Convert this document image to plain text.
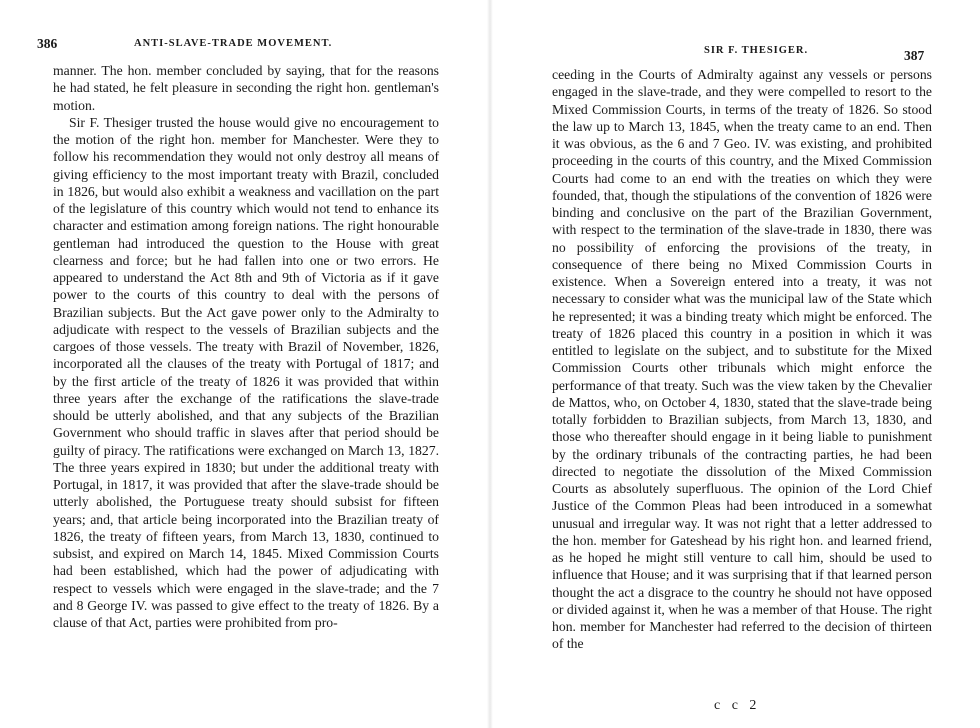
386	ANTI-SLAVE-TRADE MOVEMENT.

manner. The hon. member concluded by saying, that for the reasons he had stated, he felt pleasure in seconding the right hon. gentleman's motion.

Sir F. Thesiger trusted the house would give no encouragement to the motion of the right hon. member for Manchester. Were they to follow his recommendation they would not only destroy all means of giving efficiency to the most important treaty with Brazil, concluded in 1826, but would also exhibit a weakness and vacillation on the part of the legislature of this country which would not tend to enhance its character and estimation among foreign nations. The right honourable gentleman had introduced the question to the House with great clearness and force; but he had fallen into one or two errors. He appeared to understand the Act 8th and 9th of Victoria as if it gave power to the courts of this country to deal with the persons of Brazilian subjects. But the Act gave power only to the Admiralty to adjudicate with respect to the vessels of Brazilian subjects and the cargoes of those vessels. The treaty with Brazil of November, 1826, incorporated all the clauses of the treaty with Portugal of 1817; and by the first article of the treaty of 1826 it was provided that within three years after the exchange of the ratifications the slave-trade should be utterly abolished, and that any subjects of the Brazilian Government who should traffic in slaves after that period should be guilty of piracy. The ratifications were exchanged on March 13, 1827. The three years expired in 1830; but under the additional treaty with Portugal, in 1817, it was provided that after the slave-trade should be utterly abolished, the Portuguese treaty should subsist for fifteen years; and, that article being incorporated into the Brazilian treaty of 1826, the treaty of fifteen years, from March 13, 1830, continued to subsist, and expired on March 14, 1845. Mixed Commission Courts had been established, which had the power of adjudicating with respect to vessels which were engaged in the slave-trade; and the 7 and 8 George IV. was passed to give effect to the treaty of 1826. By a clause of that Act, parties were prohibited from pro-

SIR F. THESIGER.	387

ceeding in the Courts of Admiralty against any vessels or persons engaged in the slave-trade, and they were compelled to resort to the Mixed Commission Courts, in terms of the treaty of 1826. So stood the law up to March 13, 1845, when the treaty came to an end. Then it was obvious, as the 6 and 7 Geo. IV. was existing, and prohibited proceeding in the courts of this country, and the Mixed Commission Courts had come to an end with the treaties on which they were founded, that, though the stipulations of the convention of 1826 were binding and conclusive on the part of the Brazilian Government, with respect to the termination of the slave-trade in 1830, there was no possibility of enforcing the provisions of the treaty, in consequence of there being no Mixed Commission Courts in existence. When a Sovereign entered into a treaty, it was not necessary to consider what was the municipal law of the State which he represented; it was a binding treaty which might be enforced. The treaty of 1826 placed this country in a position in which it was entitled to legislate on the subject, and to substitute for the Mixed Commission Courts other tribunals which might enforce the performance of that treaty. Such was the view taken by the Chevalier de Mattos, who, on October 4, 1830, stated that the slave-trade being totally forbidden to Brazilian subjects, from March 13, 1830, and those who thereafter should engage in it being liable to punishment by the ordinary tribunals of the contracting parties, he had been directed to negotiate the dissolution of the Mixed Commission Courts as absolutely superfluous. The opinion of the Lord Chief Justice of the Common Pleas had been introduced in a somewhat unusual and irregular way. It was not right that a letter addressed to the hon. member for Gateshead by his right hon. and learned friend, as he hoped he might still venture to call him, should be used to influence that House; and it was surprising that if that learned person thought the act a disgrace to the country he should not have opposed or divided against it, when he was a member of that House. The right hon. member for Manchester had referred to the decision of thirteen of the

c c 2
